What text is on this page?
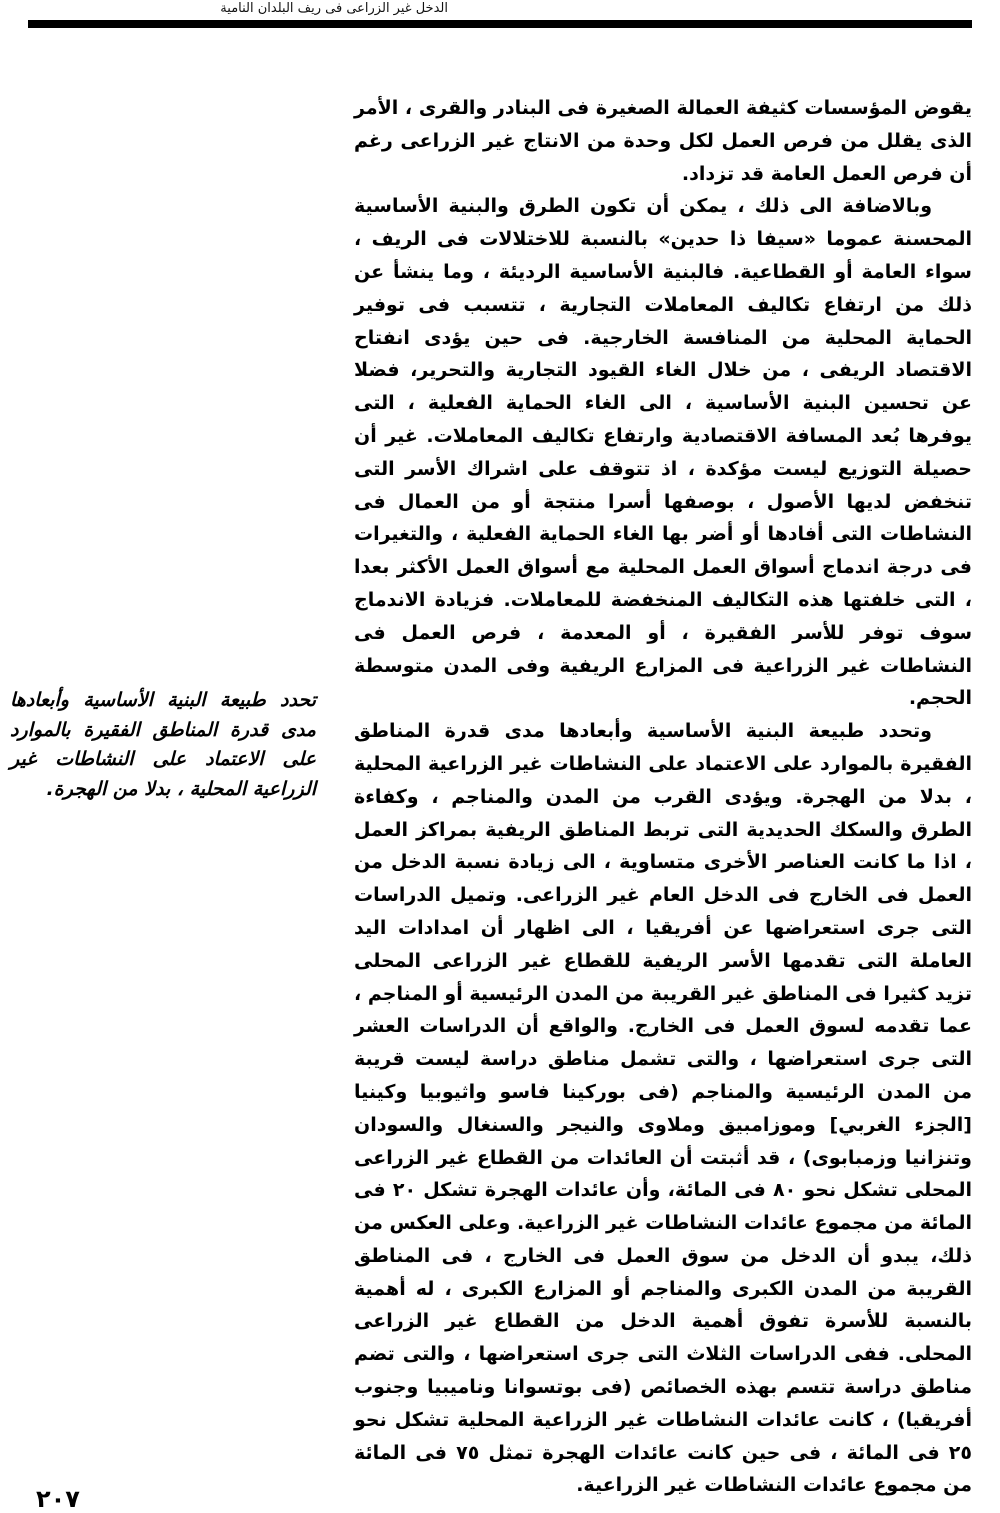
الدخل غير الزراعى فى ريف البلدان النامية

يقوض المؤسسات كثيفة العمالة الصغيرة فى البنادر والقرى ، الأمر الذى يقلل من فرص العمل لكل وحدة من الانتاج غير الزراعى رغم أن فرص العمل العامة قد تزداد.

وبالاضافة الى ذلك ، يمكن أن تكون الطرق والبنية الأساسية المحسنة عموما «سيفا ذا حدين» بالنسبة للاختلالات فى الريف ، سواء العامة أو القطاعية. فالبنية الأساسية الرديئة ، وما ينشأ عن ذلك من ارتفاع تكاليف المعاملات التجارية ، تتسبب فى توفير الحماية المحلية من المنافسة الخارجية. فى حين يؤدى انفتاح الاقتصاد الريفى ، من خلال الغاء القيود التجارية والتحرير، فضلا عن تحسين البنية الأساسية ، الى الغاء الحماية الفعلية ، التى يوفرها بُعد المسافة الاقتصادية وارتفاع تكاليف المعاملات. غير أن حصيلة التوزيع ليست مؤكدة ، اذ تتوقف على اشراك الأسر التى تنخفض لديها الأصول ، بوصفها أسرا منتجة أو من العمال فى النشاطات التى أفادها أو أضر بها الغاء الحماية الفعلية ، والتغيرات فى درجة اندماج أسواق العمل المحلية مع أسواق العمل الأكثر بعدا ، التى خلفتها هذه التكاليف المنخفضة للمعاملات. فزيادة الاندماج سوف توفر للأسر الفقيرة ، أو المعدمة ، فرص العمل فى النشاطات غير الزراعية فى المزارع الريفية وفى المدن متوسطة الحجم.

وتحدد طبيعة البنية الأساسية وأبعادها مدى قدرة المناطق الفقيرة بالموارد على الاعتماد على النشاطات غير الزراعية المحلية ، بدلا من الهجرة. ويؤدى القرب من المدن والمناجم ، وكفاءة الطرق والسكك الحديدية التى تربط المناطق الريفية بمراكز العمل ، اذا ما كانت العناصر الأخرى متساوية ، الى زيادة نسبة الدخل من العمل فى الخارج فى الدخل العام غير الزراعى. وتميل الدراسات التى جرى استعراضها عن أفريقيا ، الى اظهار أن امدادات اليد العاملة التى تقدمها الأسر الريفية للقطاع غير الزراعى المحلى تزيد كثيرا فى المناطق غير القريبة من المدن الرئيسية أو المناجم ، عما تقدمه لسوق العمل فى الخارج. والواقع أن الدراسات العشر التى جرى استعراضها ، والتى تشمل مناطق دراسة ليست قريبة من المدن الرئيسية والمناجم (فى بوركينا فاسو واثيوبيا وكينيا [الجزء الغربي] وموزامبيق وملاوى والنيجر والسنغال والسودان وتنزانيا وزمبابوى) ، قد أثبتت أن العائدات من القطاع غير الزراعى المحلى تشكل نحو ٨٠ فى المائة، وأن عائدات الهجرة تشكل ٢٠ فى المائة من مجموع عائدات النشاطات غير الزراعية. وعلى العكس من ذلك، يبدو أن الدخل من سوق العمل فى الخارج ، فى المناطق القريبة من المدن الكبرى والمناجم أو المزارع الكبرى ، له أهمية بالنسبة للأسرة تفوق أهمية الدخل من القطاع غير الزراعى المحلى. ففى الدراسات الثلاث التى جرى استعراضها ، والتى تضم مناطق دراسة تتسم بهذه الخصائص (فى بوتسوانا وناميبيا وجنوب أفريقيا) ، كانت عائدات النشاطات غير الزراعية المحلية تشكل نحو ٢٥ فى المائة ، فى حين كانت عائدات الهجرة تمثل ٧٥ فى المائة من مجموع عائدات النشاطات غير الزراعية.

تحدد طبيعة البنية الأساسية وأبعادها مدى قدرة المناطق الفقيرة بالموارد على الاعتماد على النشاطات غير الزراعية المحلية ، بدلا من الهجرة.
٢٠٧
